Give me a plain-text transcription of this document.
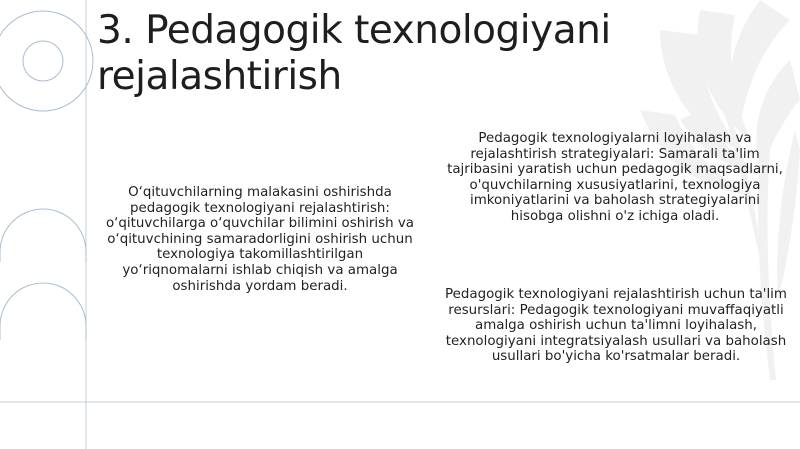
3. Pedagogik texnologiyani rejalashtirish

O‘qituvchilarning malakasini oshirishda pedagogik texnologiyani rejalashtirish: o‘qituvchilarga o‘quvchilar bilimini oshirish va o‘qituvchining samaradorligini oshirish uchun texnologiya takomillashtirilgan yo‘riqnomalarni ishlab chiqish va amalga oshirishda yordam beradi.

Pedagogik texnologiyalarni loyihalash va rejalashtirish strategiyalari: Samarali ta'lim tajribasini yaratish uchun pedagogik maqsadlarni, o'quvchilarning xususiyatlarini, texnologiya imkoniyatlarini va baholash strategiyalarini hisobga olishni o'z ichiga oladi.

Pedagogik texnologiyani rejalashtirish uchun ta'lim resurslari: Pedagogik texnologiyani muvaffaqiyatli amalga oshirish uchun ta'limni loyihalash, texnologiyani integratsiyalash usullari va baholash usullari bo'yicha ko'rsatmalar beradi.
